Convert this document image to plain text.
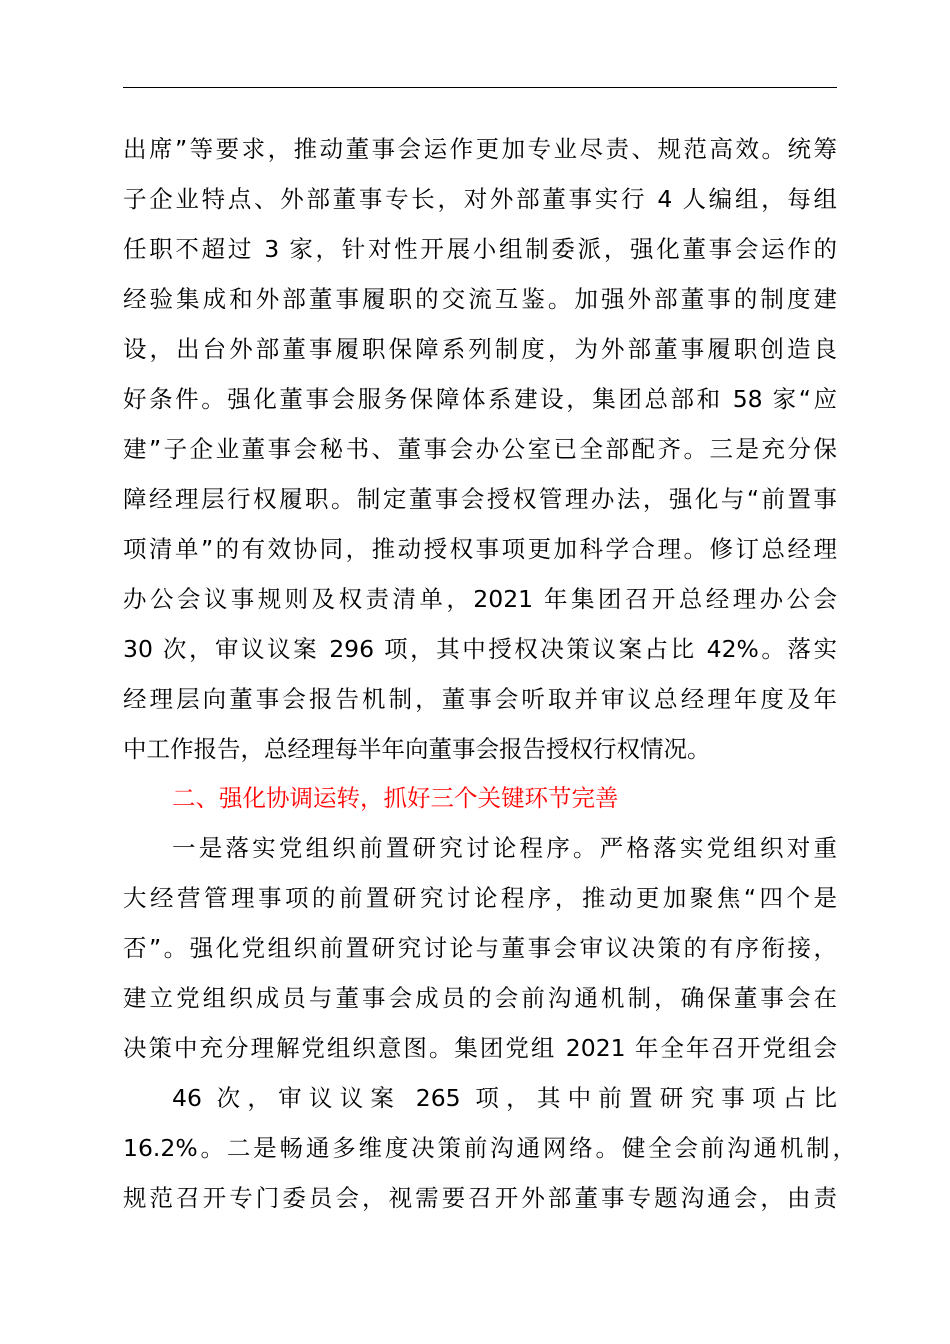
出席”等要求，推动董事会运作更加专业尽责、规范高效。统筹
子企业特点、外部董事专长，对外部董事实行 4 人编组，每组
任职不超过 3 家，针对性开展小组制委派，强化董事会运作的
经验集成和外部董事履职的交流互鉴。加强外部董事的制度建
设，出台外部董事履职保障系列制度，为外部董事履职创造良
好条件。强化董事会服务保障体系建设，集团总部和 58 家“应
建”子企业董事会秘书、董事会办公室已全部配齐。三是充分保
障经理层行权履职。制定董事会授权管理办法，强化与“前置事
项清单”的有效协同，推动授权事项更加科学合理。修订总经理
办公会议事规则及权责清单，2021 年集团召开总经理办公会
30 次，审议议案 296 项，其中授权决策议案占比 42%。落实
经理层向董事会报告机制，董事会听取并审议总经理年度及年
中工作报告，总经理每半年向董事会报告授权行权情况。
二、强化协调运转，抓好三个关键环节完善
一是落实党组织前置研究讨论程序。严格落实党组织对重
大经营管理事项的前置研究讨论程序，推动更加聚焦“四个是
否”。强化党组织前置研究讨论与董事会审议决策的有序衔接，
建立党组织成员与董事会成员的会前沟通机制，确保董事会在
决策中充分理解党组织意图。集团党组 2021 年全年召开党组会
46 次，审议议案 265 项，其中前置研究事项占比
16.2%。二是畅通多维度决策前沟通网络。健全会前沟通机制，
规范召开专门委员会，视需要召开外部董事专题沟通会，由责
